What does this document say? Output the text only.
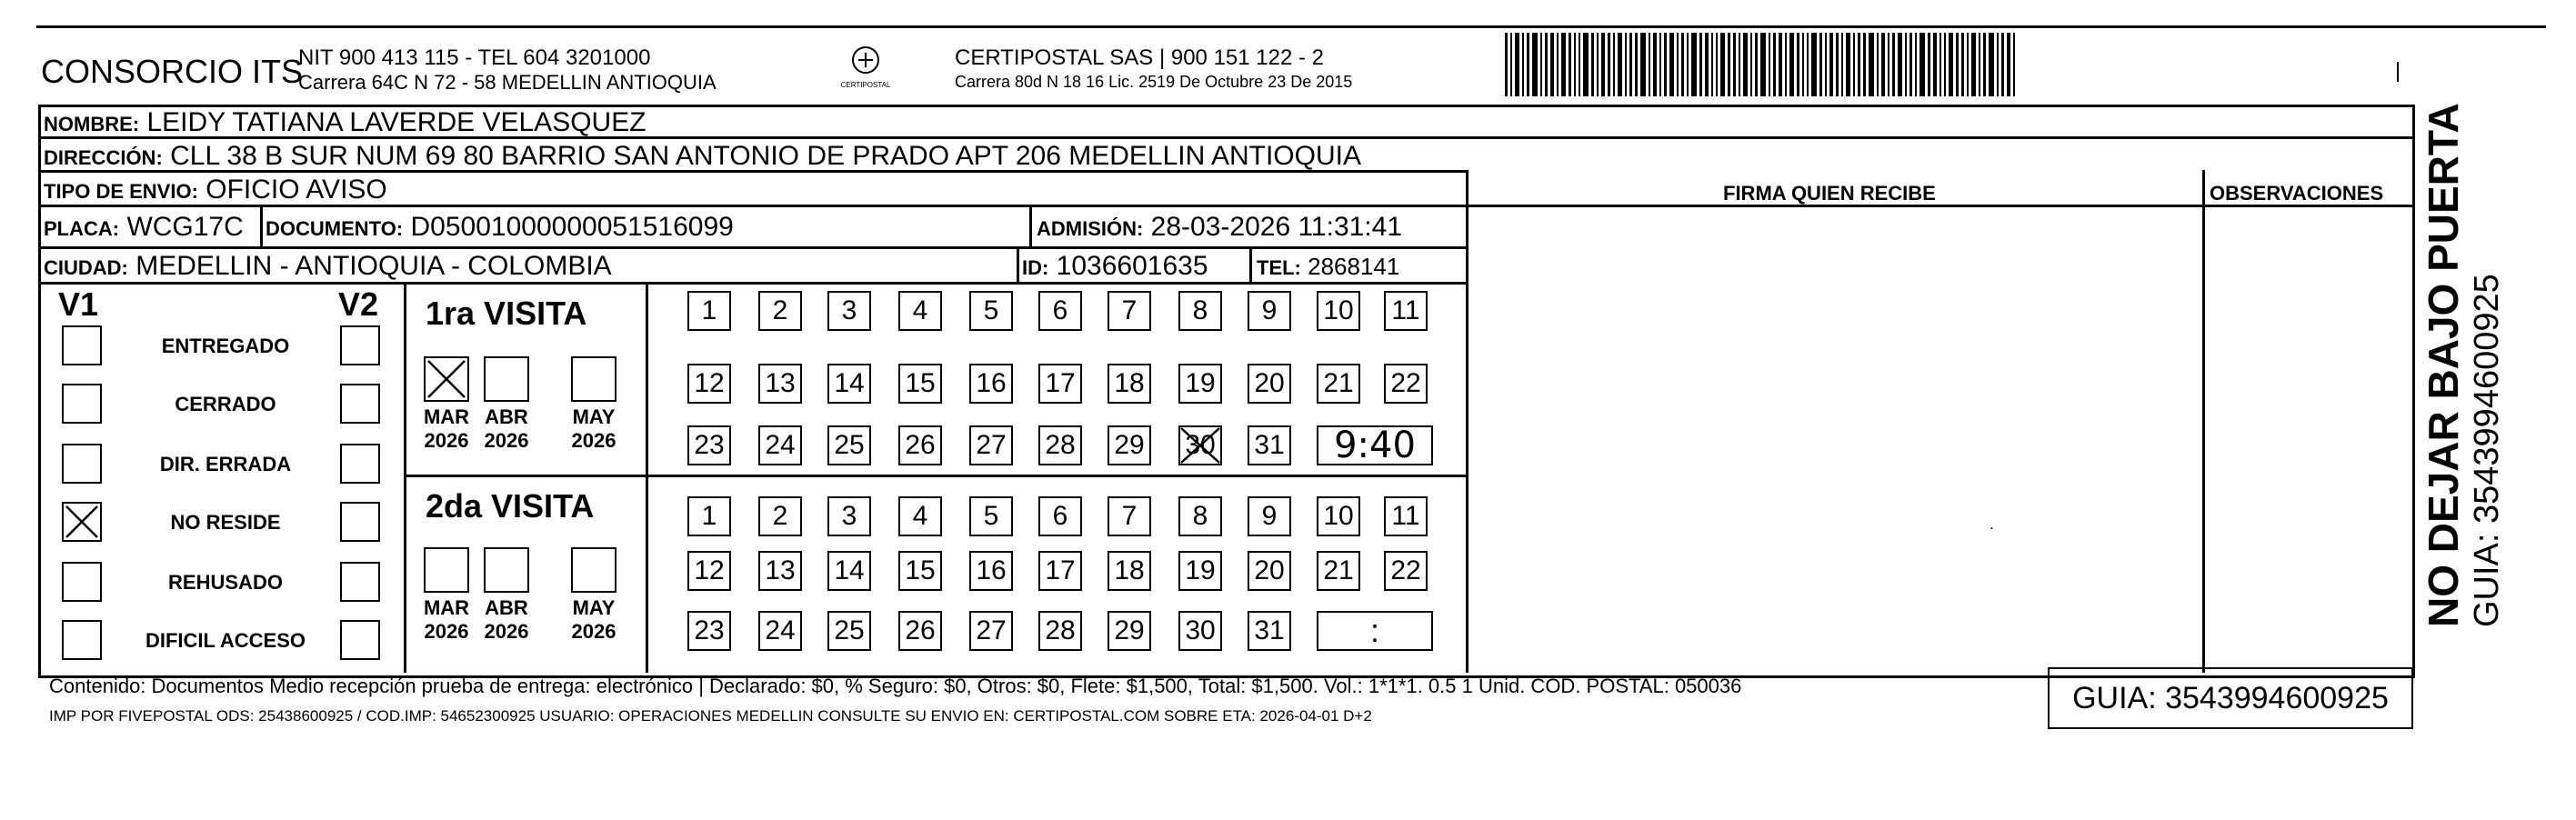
CONSORCIO ITS
NIT 900 413 115 - TEL 604 3201000
Carrera 64C N 72 - 58 MEDELLIN ANTIOQUIA	CERTIPOSTAL
CERTIPOSTAL SAS | 900 151 122 - 2
Carrera 80d N 18 16 Lic. 2519 De Octubre 23 De 2015
NOMBRE: LEIDY TATIANA LAVERDE VELASQUEZ
DIRECCIÓN: CLL 38 B SUR NUM 69 80 BARRIO SAN ANTONIO DE PRADO APT 206 MEDELLIN ANTIOQUIA
TIPO DE ENVIO: OFICIO AVISO	FIRMA QUIEN RECIBE	OBSERVACIONES
PLACA: WCG17C DOCUMENTO: D05001000000051516099	ADMISIÓN: 28-03-2026 11:31:41
CIUDAD: MEDELLIN - ANTIOQUIA - COLOMBIA	ID: 1036601635 TEL: 2868141
V1	V2
ENTREGADO
CERRADO
DIR. ERRADA
NO RESIDE
REHUSADO
DIFICIL ACCESO
1ra VISITA
2da VISITA
MAR
2026
ABR
2026
MAY
2026
MAR
2026
ABR
2026
MAY
2026
1	2	3	4	5	6	7	8	9	10 11
12 13 14 15 16 17 18 19 20 21 22
23 24 25 26 27 28 29 30 31	9:40
1	2	3	4	5	6	7	8	9	10 11
12 13 14 15 16 17 18 19 20 21 22
23 24 25 26 27 28 29 30 31	:
Contenido: Documentos Medio recepción prueba de entrega: electrónico | Declarado: $0, % Seguro: $0, Otros: $0, Flete: $1,500, Total: $1,500. Vol.: 1*1*1. 0.5 1 Unid. COD. POSTAL: 050036
IMP POR FIVEPOSTAL ODS: 25438600925 / COD.IMP: 54652300925 USUARIO: OPERACIONES MEDELLIN CONSULTE SU ENVIO EN: CERTIPOSTAL.COM SOBRE ETA: 2026-04-01 D+2
GUIA: 3543994600925
NO DEJAR BAJO PUERTA GUIA: 3543994600925
˙
